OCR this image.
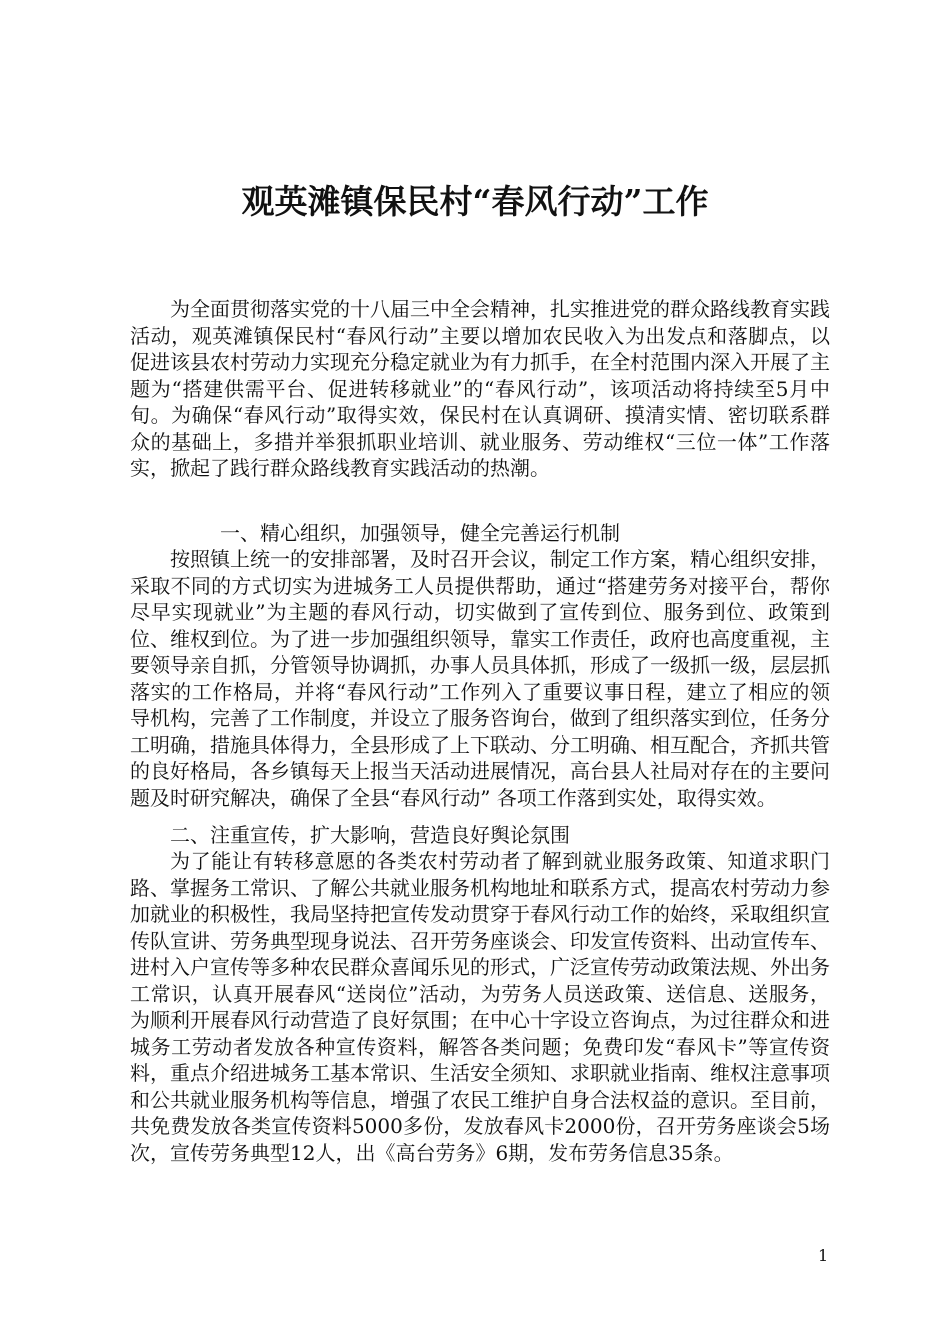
观英滩镇保民村“春风行动”工作

为全面贯彻落实党的十八届三中全会精神，扎实推进党的群众路线教育实践活动，观英滩镇保民村“春风行动”主要以增加农民收入为出发点和落脚点，以促进该县农村劳动力实现充分稳定就业为有力抓手，在全村范围内深入开展了主题为“搭建供需平台、促进转移就业”的“春风行动”，该项活动将持续至5月中旬。为确保“春风行动”取得实效，保民村在认真调研、摸清实情、密切联系群众的基础上，多措并举狠抓职业培训、就业服务、劳动维权“三位一体”工作落实，掀起了践行群众路线教育实践活动的热潮。

一、精心组织，加强领导，健全完善运行机制

按照镇上统一的安排部署，及时召开会议，制定工作方案，精心组织安排，采取不同的方式切实为进城务工人员提供帮助，通过“搭建劳务对接平台，帮你尽早实现就业”为主题的春风行动，切实做到了宣传到位、服务到位、政策到位、维权到位。为了进一步加强组织领导，靠实工作责任，政府也高度重视，主要领导亲自抓，分管领导协调抓，办事人员具体抓，形成了一级抓一级，层层抓落实的工作格局，并将“春风行动”工作列入了重要议事日程，建立了相应的领导机构，完善了工作制度，并设立了服务咨询台，做到了组织落实到位，任务分工明确，措施具体得力，全县形成了上下联动、分工明确、相互配合，齐抓共管的良好格局，各乡镇每天上报当天活动进展情况，高台县人社局对存在的主要问题及时研究解决，确保了全县“春风行动” 各项工作落到实处，取得实效。

二、注重宣传，扩大影响，营造良好舆论氛围

为了能让有转移意愿的各类农村劳动者了解到就业服务政策、知道求职门路、掌握务工常识、了解公共就业服务机构地址和联系方式，提高农村劳动力参加就业的积极性，我局坚持把宣传发动贯穿于春风行动工作的始终，采取组织宣传队宣讲、劳务典型现身说法、召开劳务座谈会、印发宣传资料、出动宣传车、进村入户宣传等多种农民群众喜闻乐见的形式，广泛宣传劳动政策法规、外出务工常识，认真开展春风“送岗位”活动，为劳务人员送政策、送信息、送服务，为顺利开展春风行动营造了良好氛围；在中心十字设立咨询点，为过往群众和进城务工劳动者发放各种宣传资料，解答各类问题；免费印发“春风卡”等宣传资料，重点介绍进城务工基本常识、生活安全须知、求职就业指南、维权注意事项和公共就业服务机构等信息，增强了农民工维护自身合法权益的意识。至目前，共免费发放各类宣传资料5000多份，发放春风卡2000份，召开劳务座谈会5场次，宣传劳务典型12人，出《高台劳务》6期，发布劳务信息35条。

1
